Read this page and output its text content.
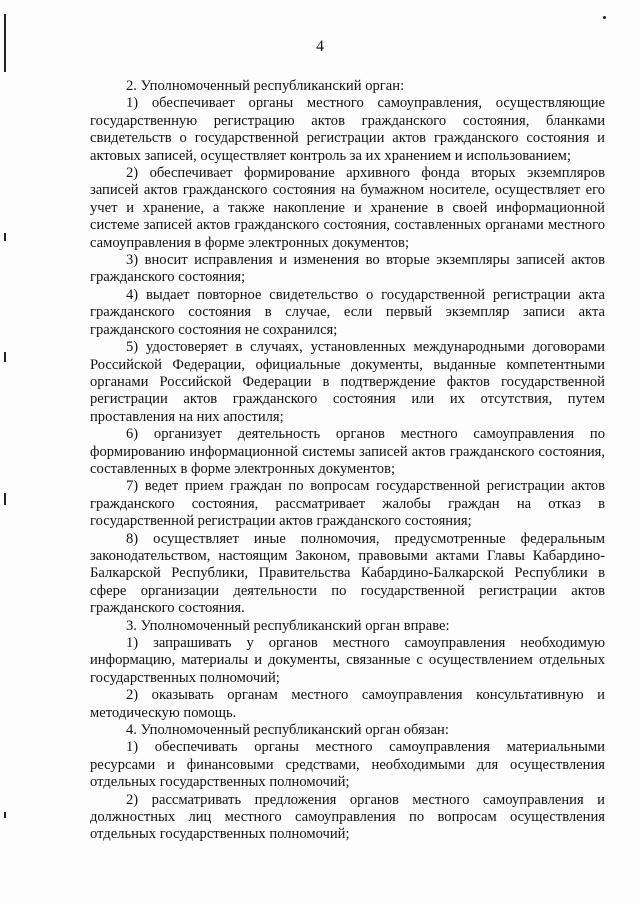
4

2. Уполномоченный республиканский орган:

1) обеспечивает органы местного самоуправления, осуществляющие государственную регистрацию актов гражданского состояния, бланками свидетельств о государственной регистрации актов гражданского состояния и актовых записей, осуществляет контроль за их хранением и использованием;

2) обеспечивает формирование архивного фонда вторых экземпляров записей актов гражданского состояния на бумажном носителе, осуществляет его учет и хранение, а также накопление и хранение в своей информационной системе записей актов гражданского состояния, составленных органами местного самоуправления в форме электронных документов;

3) вносит исправления и изменения во вторые экземпляры записей актов гражданского состояния;

4) выдает повторное свидетельство о государственной регистрации акта гражданского состояния в случае, если первый экземпляр записи акта гражданского состояния не сохранился;

5) удостоверяет в случаях, установленных международными договорами Российской Федерации, официальные документы, выданные компетентными органами Российской Федерации в подтверждение фактов государственной регистрации актов гражданского состояния или их отсутствия, путем проставления на них апостиля;

6) организует деятельность органов местного самоуправления по формированию информационной системы записей актов гражданского состояния, составленных в форме электронных документов;

7) ведет прием граждан по вопросам государственной регистрации актов гражданского состояния, рассматривает жалобы граждан на отказ в государственной регистрации актов гражданского состояния;

8) осуществляет иные полномочия, предусмотренные федеральным законодательством, настоящим Законом, правовыми актами Главы Кабардино-Балкарской Республики, Правительства Кабардино-Балкарской Республики в сфере организации деятельности по государственной регистрации актов гражданского состояния.

3. Уполномоченный республиканский орган вправе:

1) запрашивать у органов местного самоуправления необходимую информацию, материалы и документы, связанные с осуществлением отдельных государственных полномочий;

2) оказывать органам местного самоуправления консультативную и методическую помощь.

4. Уполномоченный республиканский орган обязан:

1) обеспечивать органы местного самоуправления материальными ресурсами и финансовыми средствами, необходимыми для осуществления отдельных государственных полномочий;

2) рассматривать предложения органов местного самоуправления и должностных лиц местного самоуправления по вопросам осуществления отдельных государственных полномочий;
